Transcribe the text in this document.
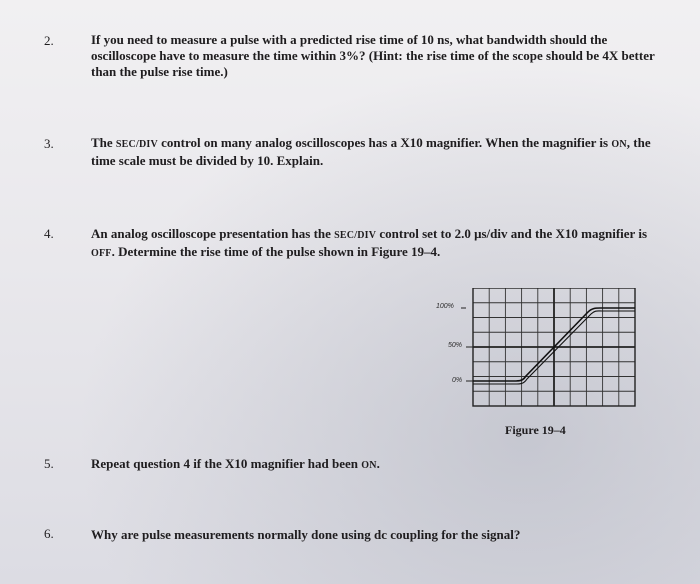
2.	If you need to measure a pulse with a predicted rise time of 10 ns, what bandwidth should the oscilloscope have to measure the time within 3%? (Hint: the rise time of the scope should be 4X better than the pulse rise time.)

3.	The SEC/DIV control on many analog oscilloscopes has a X10 magnifier. When the magnifier is ON, the time scale must be divided by 10. Explain.

4.	An analog oscilloscope presentation has the SEC/DIV control set to 2.0 μs/div and the X10 magnifier is OFF. Determine the rise time of the pulse shown in Figure 19–4.

100%
50%
0%
Figure 19–4
5.	Repeat question 4 if the X10 magnifier had been ON.

6.	Why are pulse measurements normally done using dc coupling for the signal?
